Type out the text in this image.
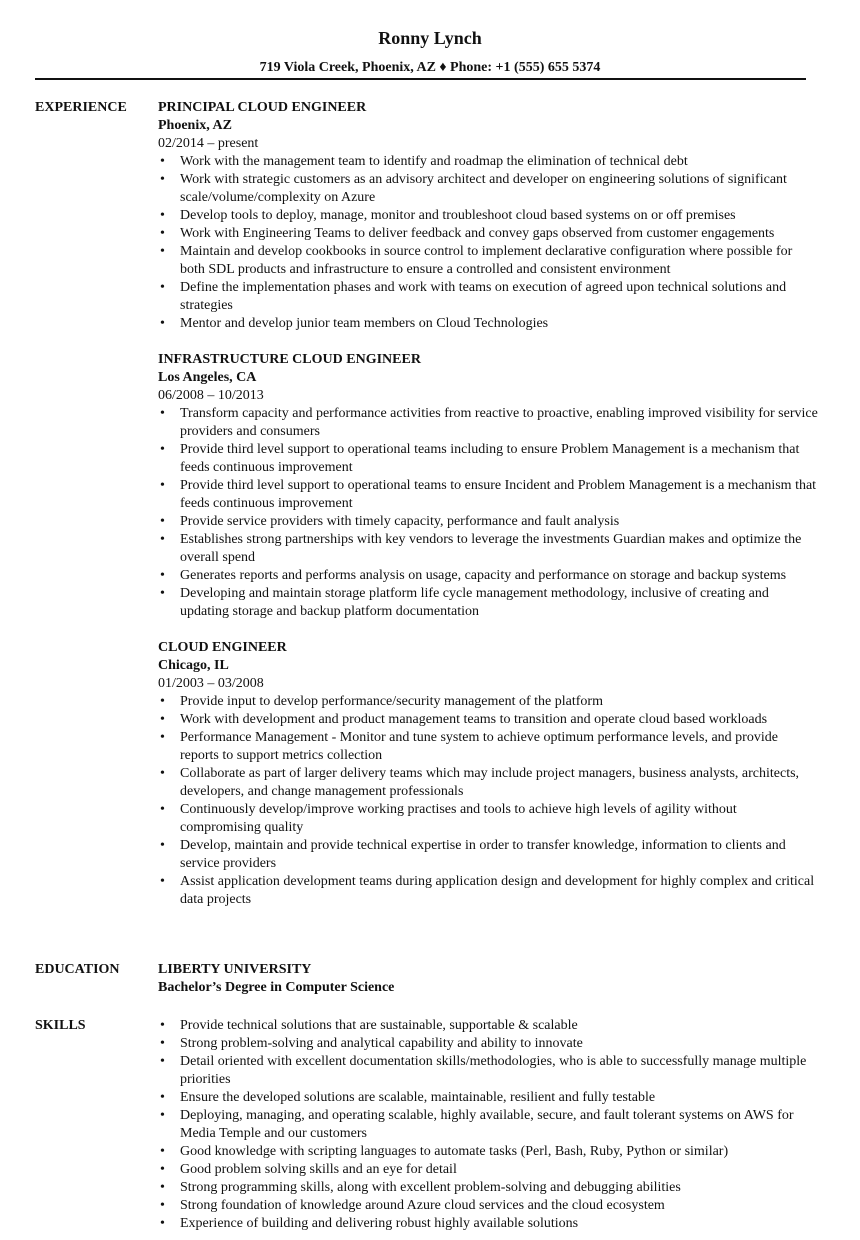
Ronny Lynch
719 Viola Creek, Phoenix, AZ ♦ Phone: +1 (555) 655 5374
EXPERIENCE PRINCIPAL CLOUD ENGINEER
Phoenix, AZ
02/2014 – present
• Work with the management team to identify and roadmap the elimination of technical debt
• Work with strategic customers as an advisory architect and developer on engineering solutions of significant scale/volume/complexity on Azure
• Develop tools to deploy, manage, monitor and troubleshoot cloud based systems on or off premises
• Work with Engineering Teams to deliver feedback and convey gaps observed from customer engagements
• Maintain and develop cookbooks in source control to implement declarative configuration where possible for both SDL products and infrastructure to ensure a controlled and consistent environment
• Define the implementation phases and work with teams on execution of agreed upon technical solutions and strategies
• Mentor and develop junior team members on Cloud Technologies
INFRASTRUCTURE CLOUD ENGINEER
Los Angeles, CA
06/2008 – 10/2013
• Transform capacity and performance activities from reactive to proactive, enabling improved visibility for service providers and consumers
• Provide third level support to operational teams including to ensure Problem Management is a mechanism that feeds continuous improvement
• Provide third level support to operational teams to ensure Incident and Problem Management is a mechanism that feeds continuous improvement
• Provide service providers with timely capacity, performance and fault analysis
• Establishes strong partnerships with key vendors to leverage the investments Guardian makes and optimize the overall spend
• Generates reports and performs analysis on usage, capacity and performance on storage and backup systems
• Developing and maintain storage platform life cycle management methodology, inclusive of creating and updating storage and backup platform documentation
CLOUD ENGINEER
Chicago, IL
01/2003 – 03/2008
• Provide input to develop performance/security management of the platform
• Work with development and product management teams to transition and operate cloud based workloads
• Performance Management - Monitor and tune system to achieve optimum performance levels, and provide reports to support metrics collection
• Collaborate as part of larger delivery teams which may include project managers, business analysts, architects, developers, and change management professionals
• Continuously develop/improve working practises and tools to achieve high levels of agility without compromising quality
• Develop, maintain and provide technical expertise in order to transfer knowledge, information to clients and service providers
• Assist application development teams during application design and development for highly complex and critical data projects
EDUCATION	LIBERTY UNIVERSITY
Bachelor’s Degree in Computer Science
SKILLS
•	Provide technical solutions that are sustainable, supportable & scalable
• Strong problem-solving and analytical capability and ability to innovate
• Detail oriented with excellent documentation skills/methodologies, who is able to successfully manage multiple priorities
• Ensure the developed solutions are scalable, maintainable, resilient and fully testable
• Deploying, managing, and operating scalable, highly available, secure, and fault tolerant systems on AWS for Media Temple and our customers
• Good knowledge with scripting languages to automate tasks (Perl, Bash, Ruby, Python or similar)
• Good problem solving skills and an eye for detail
• Strong programming skills, along with excellent problem-solving and debugging abilities
• Strong foundation of knowledge around Azure cloud services and the cloud ecosystem
• Experience of building and delivering robust highly available solutions
